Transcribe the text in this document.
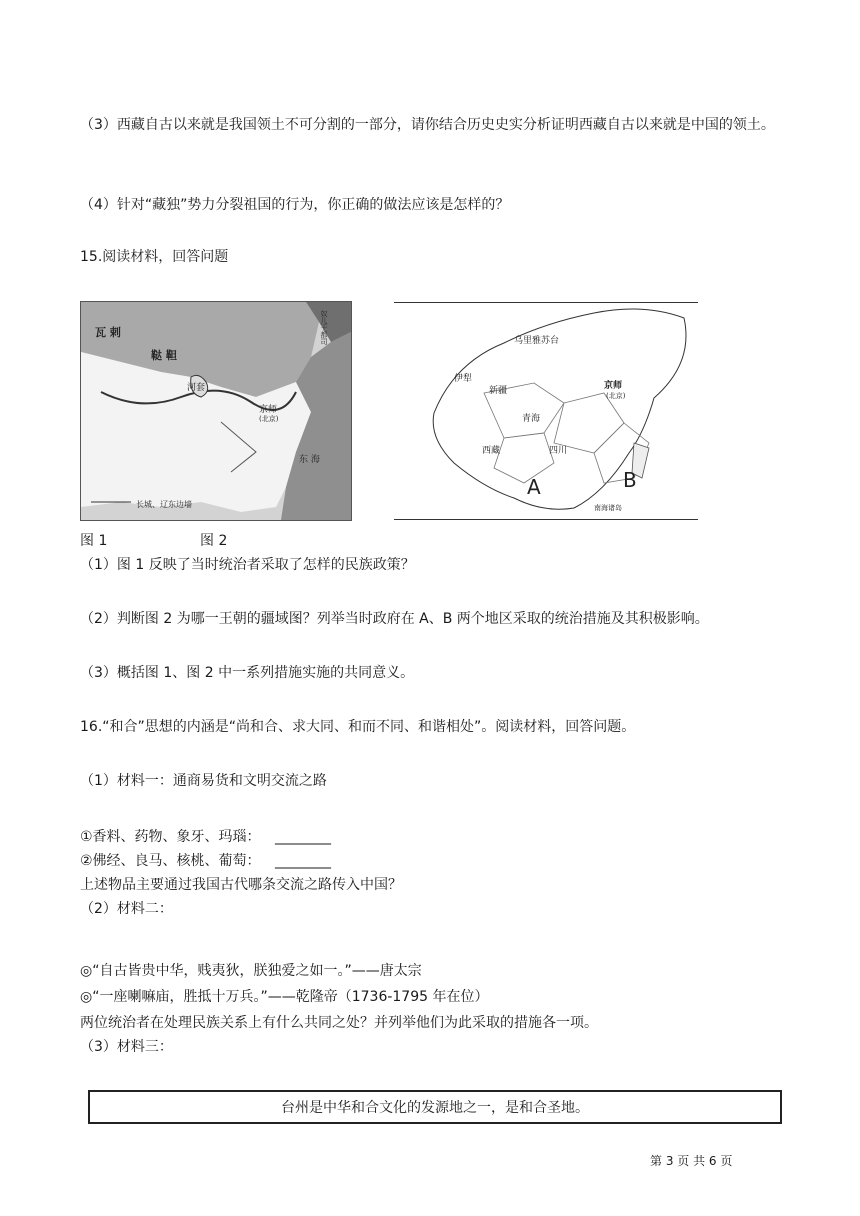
（3）西藏自古以来就是我国领土不可分割的一部分，请你结合历史史实分析证明西藏自古以来就是中国的领土。
（4）针对“藏独”势力分裂祖国的行为，你正确的做法应该是怎样的？
15.阅读材料，回答问题
瓦 剌
鞑 靼
河套
京师
(北京)
奴儿干都司
东 海
长城、辽东边墙
乌里雅苏台
伊犁
新疆	京师
(北京)
青海
西藏	四川
A	B
南海诸岛
图 1	图 2
（1）图 1 反映了当时统治者采取了怎样的民族政策？
（2）判断图 2 为哪一王朝的疆域图？列举当时政府在 A、B 两个地区采取的统治措施及其积极影响。
（3）概括图 1、图 2 中一系列措施实施的共同意义。
16.“和合”思想的内涵是“尚和合、求大同、和而不同、和谐相处”。阅读材料，回答问题。
（1）材料一：通商易货和文明交流之路
①香料、药物、象牙、玛瑙： ________
②佛经、良马、核桃、葡萄： ________
上述物品主要通过我国古代哪条交流之路传入中国？
（2）材料二：
◎“自古皆贵中华，贱夷狄，朕独爱之如一。”——唐太宗
◎“一座喇嘛庙，胜抵十万兵。”——乾隆帝（1736-1795 年在位）
两位统治者在处理民族关系上有什么共同之处？并列举他们为此采取的措施各一项。
（3）材料三：
台州是中华和合文化的发源地之一，是和合圣地。
第 3 页 共 6 页
